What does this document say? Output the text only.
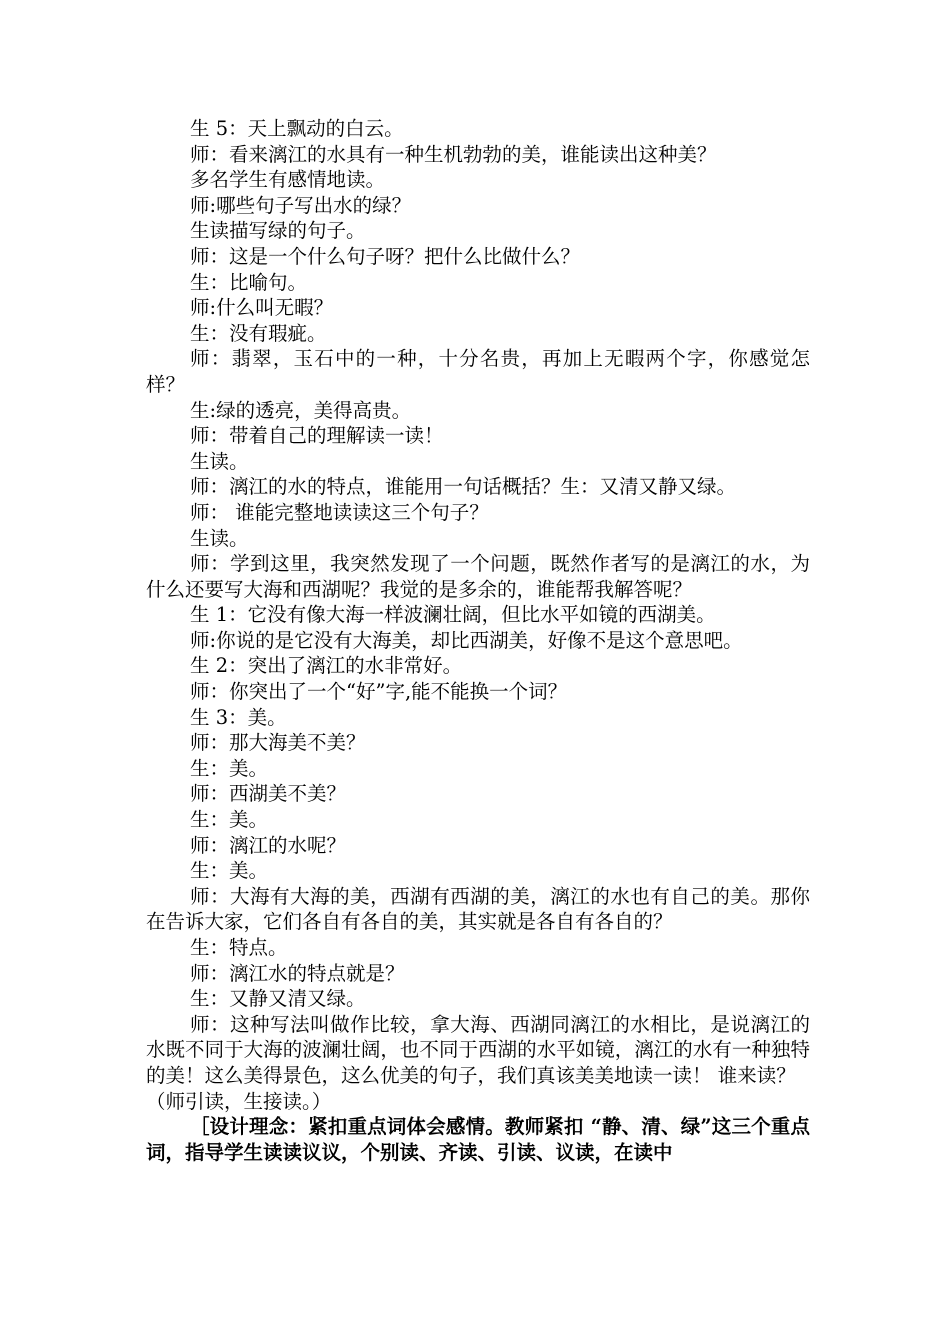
生 5：天上飘动的白云。

师：看来漓江的水具有一种生机勃勃的美，谁能读出这种美？

多名学生有感情地读。

师:哪些句子写出水的绿？

生读描写绿的句子。

师：这是一个什么句子呀？把什么比做什么？

生：比喻句。

师:什么叫无暇？

生：没有瑕疵。

师：翡翠，玉石中的一种，十分名贵，再加上无暇两个字，你感觉怎样？

生:绿的透亮，美得高贵。

师：带着自己的理解读一读！

生读。

师：漓江的水的特点，谁能用一句话概括？生：又清又静又绿。

师： 谁能完整地读读这三个句子？

生读。

师：学到这里，我突然发现了一个问题，既然作者写的是漓江的水，为什么还要写大海和西湖呢？我觉的是多余的，谁能帮我解答呢？

生 1：它没有像大海一样波澜壮阔，但比水平如镜的西湖美。

师:你说的是它没有大海美，却比西湖美，好像不是这个意思吧。

生 2：突出了漓江的水非常好。

师：你突出了一个“好”字,能不能换一个词？

生 3：美。

师：那大海美不美？

生：美。

师：西湖美不美？

生：美。

师：漓江的水呢？

生：美。

师：大海有大海的美，西湖有西湖的美，漓江的水也有自己的美。那你在告诉大家，它们各自有各自的美，其实就是各自有各自的？

生：特点。

师：漓江水的特点就是？

生：又静又清又绿。

师：这种写法叫做作比较，拿大海、西湖同漓江的水相比，是说漓江的水既不同于大海的波澜壮阔，也不同于西湖的水平如镜，漓江的水有一种独特的美！这么美得景色，这么优美的句子，我们真该美美地读一读！ 谁来读？

（师引读，生接读。）

［设计理念：紧扣重点词体会感情。教师紧扣 “静、清、绿”这三个重点词，指导学生读读议议，个别读、齐读、引读、议读，在读中
